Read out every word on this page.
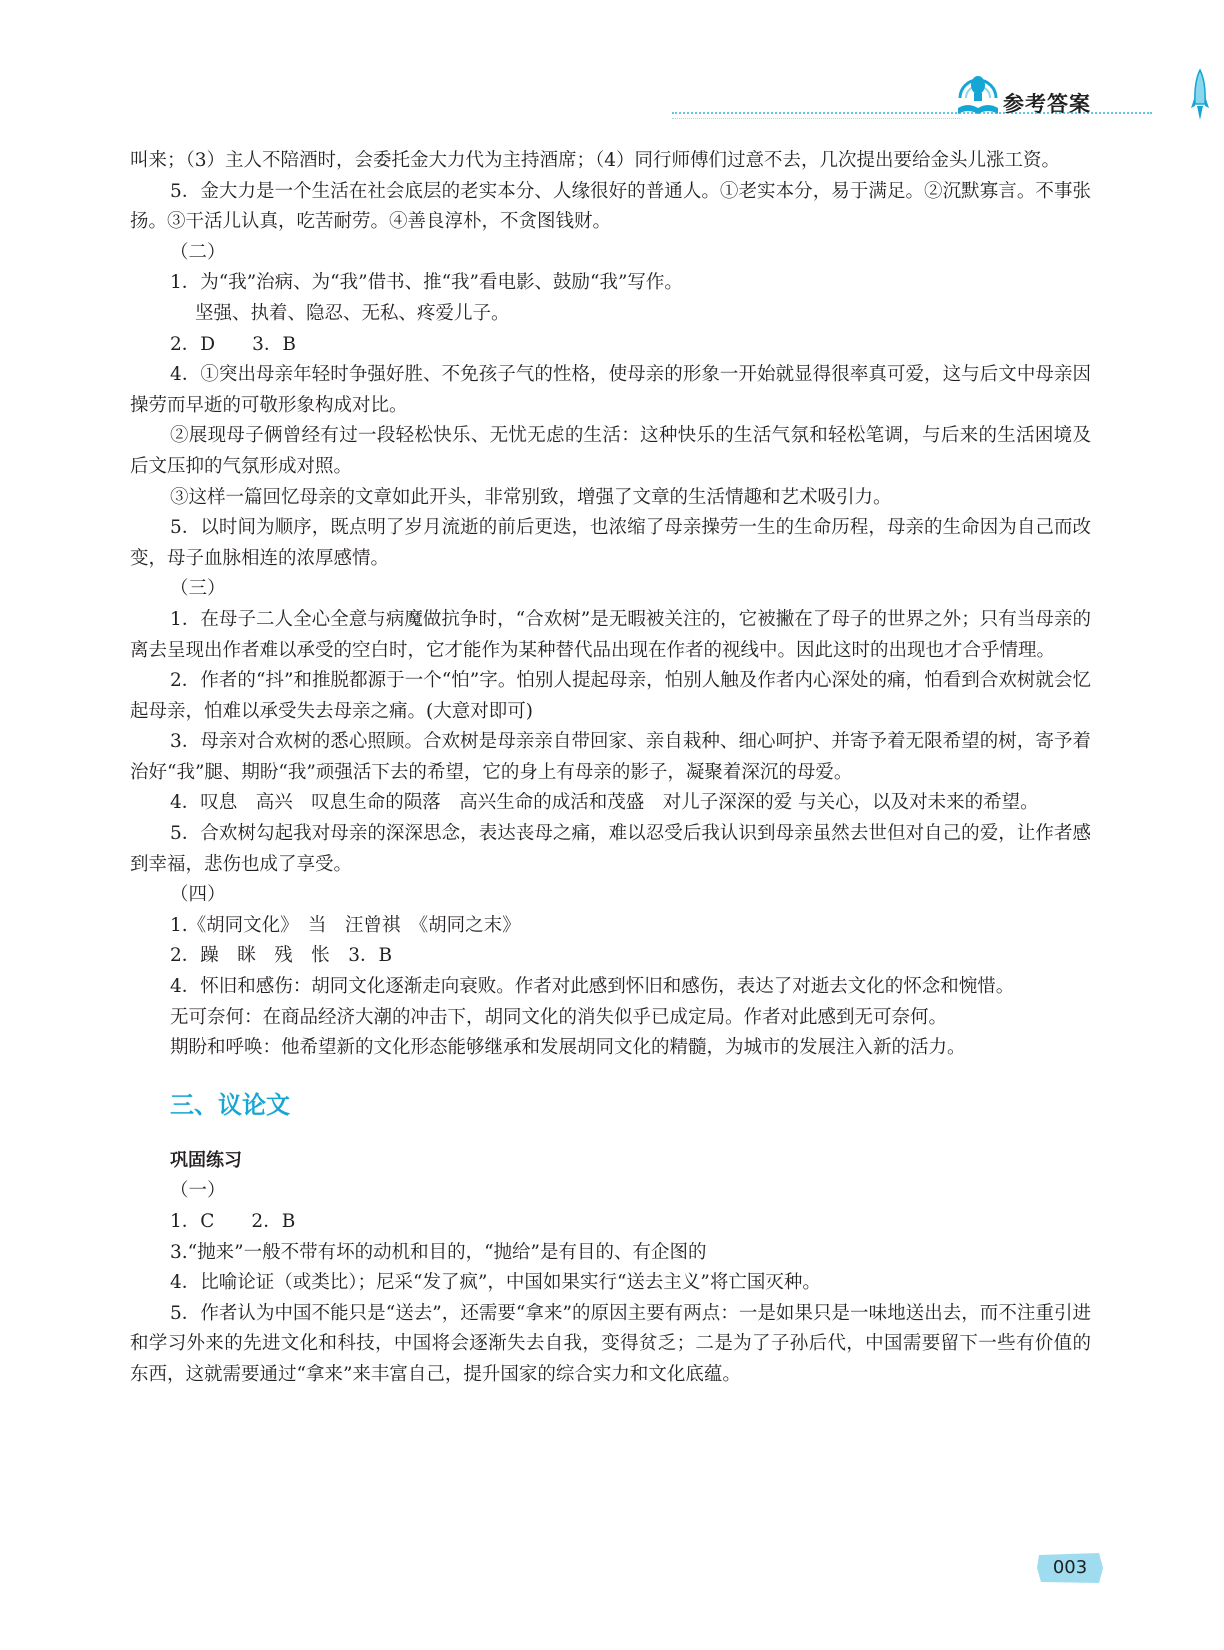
参考答案

叫来；（3）主人不陪酒时，会委托金大力代为主持酒席；（4）同行师傅们过意不去，几次提出要给金头儿涨工资。

5．金大力是一个生活在社会底层的老实本分、人缘很好的普通人。①老实本分，易于满足。②沉默寡言。不事张扬。③干活儿认真，吃苦耐劳。④善良淳朴，不贪图钱财。

（二）

1．为“我”治病、为“我”借书、推“我”看电影、鼓励“我”写作。

坚强、执着、隐忍、无私、疼爱儿子。

2．D　　3．B

4．①突出母亲年轻时争强好胜、不免孩子气的性格，使母亲的形象一开始就显得很率真可爱，这与后文中母亲因操劳而早逝的可敬形象构成对比。

②展现母子俩曾经有过一段轻松快乐、无忧无虑的生活：这种快乐的生活气氛和轻松笔调，与后来的生活困境及后文压抑的气氛形成对照。

③这样一篇回忆母亲的文章如此开头，非常别致，增强了文章的生活情趣和艺术吸引力。

5．以时间为顺序，既点明了岁月流逝的前后更迭，也浓缩了母亲操劳一生的生命历程，母亲的生命因为自己而改变，母子血脉相连的浓厚感情。

（三）

1．在母子二人全心全意与病魔做抗争时，“合欢树”是无暇被关注的，它被撇在了母子的世界之外；只有当母亲的离去呈现出作者难以承受的空白时，它才能作为某种替代品出现在作者的视线中。因此这时的出现也才合乎情理。

2．作者的“抖”和推脱都源于一个“怕”字。怕别人提起母亲，怕别人触及作者内心深处的痛，怕看到合欢树就会忆起母亲，怕难以承受失去母亲之痛。(大意对即可)

3．母亲对合欢树的悉心照顾。合欢树是母亲亲自带回家、亲自栽种、细心呵护、并寄予着无限希望的树，寄予着治好“我”腿、期盼“我”顽强活下去的希望，它的身上有母亲的影子，凝聚着深沉的母爱。

4．叹息　高兴　叹息生命的陨落　高兴生命的成活和茂盛　对儿子深深的爱 与关心，以及对未来的希望。

5．合欢树勾起我对母亲的深深思念，表达丧母之痛，难以忍受后我认识到母亲虽然去世但对自己的爱，让作者感到幸福，悲伤也成了享受。

（四）

1.《胡同文化》　当　汪曾祺　《胡同之末》

2．躁　眯　残　怅　3．B

4．怀旧和感伤：胡同文化逐渐走向衰败。作者对此感到怀旧和感伤，表达了对逝去文化的怀念和惋惜。

无可奈何：在商品经济大潮的冲击下，胡同文化的消失似乎已成定局。作者对此感到无可奈何。

期盼和呼唤：他希望新的文化形态能够继承和发展胡同文化的精髓，为城市的发展注入新的活力。

三、议论文

巩固练习

（一）

1．C　　2．B

3.“抛来”一般不带有坏的动机和目的，“抛给”是有目的、有企图的

4．比喻论证（或类比）；尼采“发了疯”，中国如果实行“送去主义”将亡国灭种。

5．作者认为中国不能只是“送去”，还需要“拿来”的原因主要有两点：一是如果只是一味地送出去，而不注重引进和学习外来的先进文化和科技，中国将会逐渐失去自我，变得贫乏；二是为了子孙后代，中国需要留下一些有价值的东西，这就需要通过“拿来”来丰富自己，提升国家的综合实力和文化底蕴。

003
